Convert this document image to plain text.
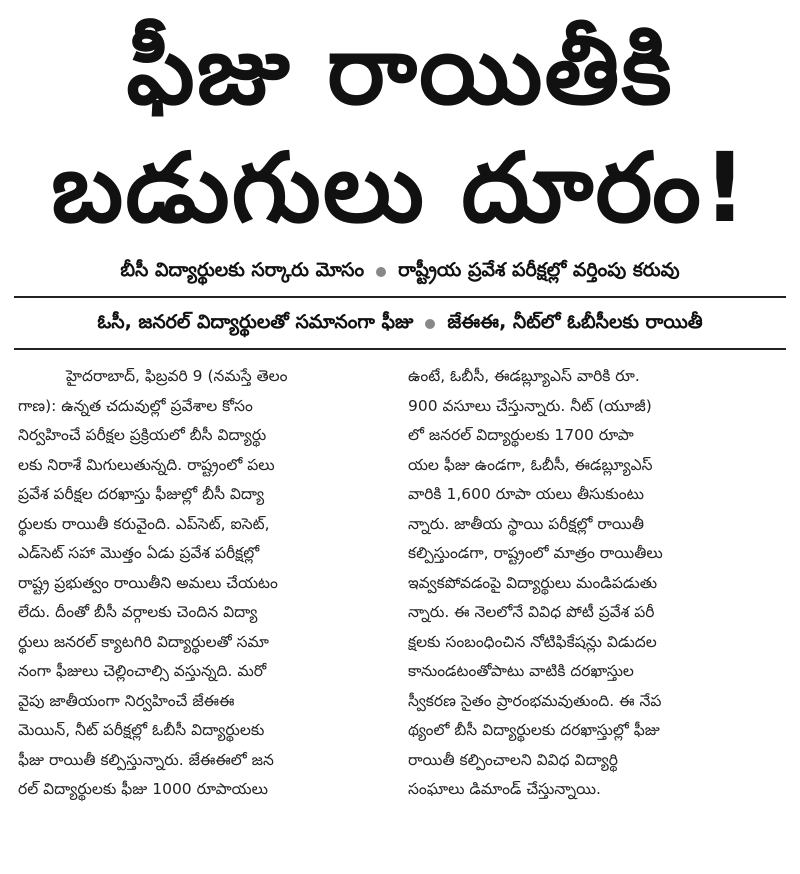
ఫీజు రాయితీకి
బడుగులు దూరం!
బీసీ విద్యార్థులకు సర్కారు మోసం రాష్ట్రీయ ప్రవేశ పరీక్షల్లో వర్తింపు కరువు
ఓసీ, జనరల్ విద్యార్థులతో సమానంగా ఫీజు జేఈఈ, నీట్‌లో ఓబీసీలకు రాయితీ
హైదరాబాద్, ఫిబ్రవరి 9 (నమస్తే తెలం
గాణ): ఉన్నత చదువుల్లో ప్రవేశాల కోసం
నిర్వహించే పరీక్షల ప్రక్రియలో బీసీ విద్యార్థు
లకు నిరాశే మిగులుతున్నది. రాష్ట్రంలో పలు
ప్రవేశ పరీక్షల దరఖాస్తు ఫీజుల్లో బీసీ విద్యా
ర్థులకు రాయితీ కరువైంది. ఎప్‌సెట్, ఐసెట్,
ఎడ్‌సెట్ సహా మొత్తం ఏడు ప్రవేశ పరీక్షల్లో
రాష్ట్ర ప్రభుత్వం రాయితీని అమలు చేయటం
లేదు. దీంతో బీసీ వర్గాలకు చెందిన విద్యా
ర్థులు జనరల్ క్యాటగిరి విద్యార్థులతో సమా
నంగా ఫీజులు చెల్లించాల్సి వస్తున్నది. మరో
వైపు జాతీయంగా నిర్వహించే జేఈఈ
మెయిన్, నీట్ పరీక్షల్లో ఓబీసీ విద్యార్థులకు
ఫీజు రాయితీ కల్పిస్తున్నారు. జేఈఈలో జన
రల్ విద్యార్థులకు ఫీజు 1000 రూపాయలు
ఉంటే, ఓబీసీ, ఈడబ్ల్యూఎస్ వారికి రూ.
900 వసూలు చేస్తున్నారు. నీట్ (యూజీ)
లో జనరల్ విద్యార్థులకు 1700 రూపా
యల ఫీజు ఉండగా, ఓబీసీ, ఈడబ్ల్యూఎస్
వారికి 1,600 రూపా యలు తీసుకుంటు
న్నారు. జాతీయ స్థాయి పరీక్షల్లో రాయితీ
కల్పిస్తుండగా, రాష్ట్రంలో మాత్రం రాయితీలు
ఇవ్వకపోవడంపై విద్యార్థులు మండిపడుతు
న్నారు. ఈ నెలలోనే వివిధ పోటీ ప్రవేశ పరీ
క్షలకు సంబంధించిన నోటిఫికేషన్లు విడుదల
కానుండటంతోపాటు వాటికి దరఖాస్తుల
స్వీకరణ సైతం ప్రారంభమవుతుంది. ఈ నేప
థ్యంలో బీసీ విద్యార్థులకు దరఖాస్తుల్లో ఫీజు
రాయితీ కల్పించాలని వివిధ విద్యార్థి
సంఘాలు డిమాండ్ చేస్తున్నాయి.
